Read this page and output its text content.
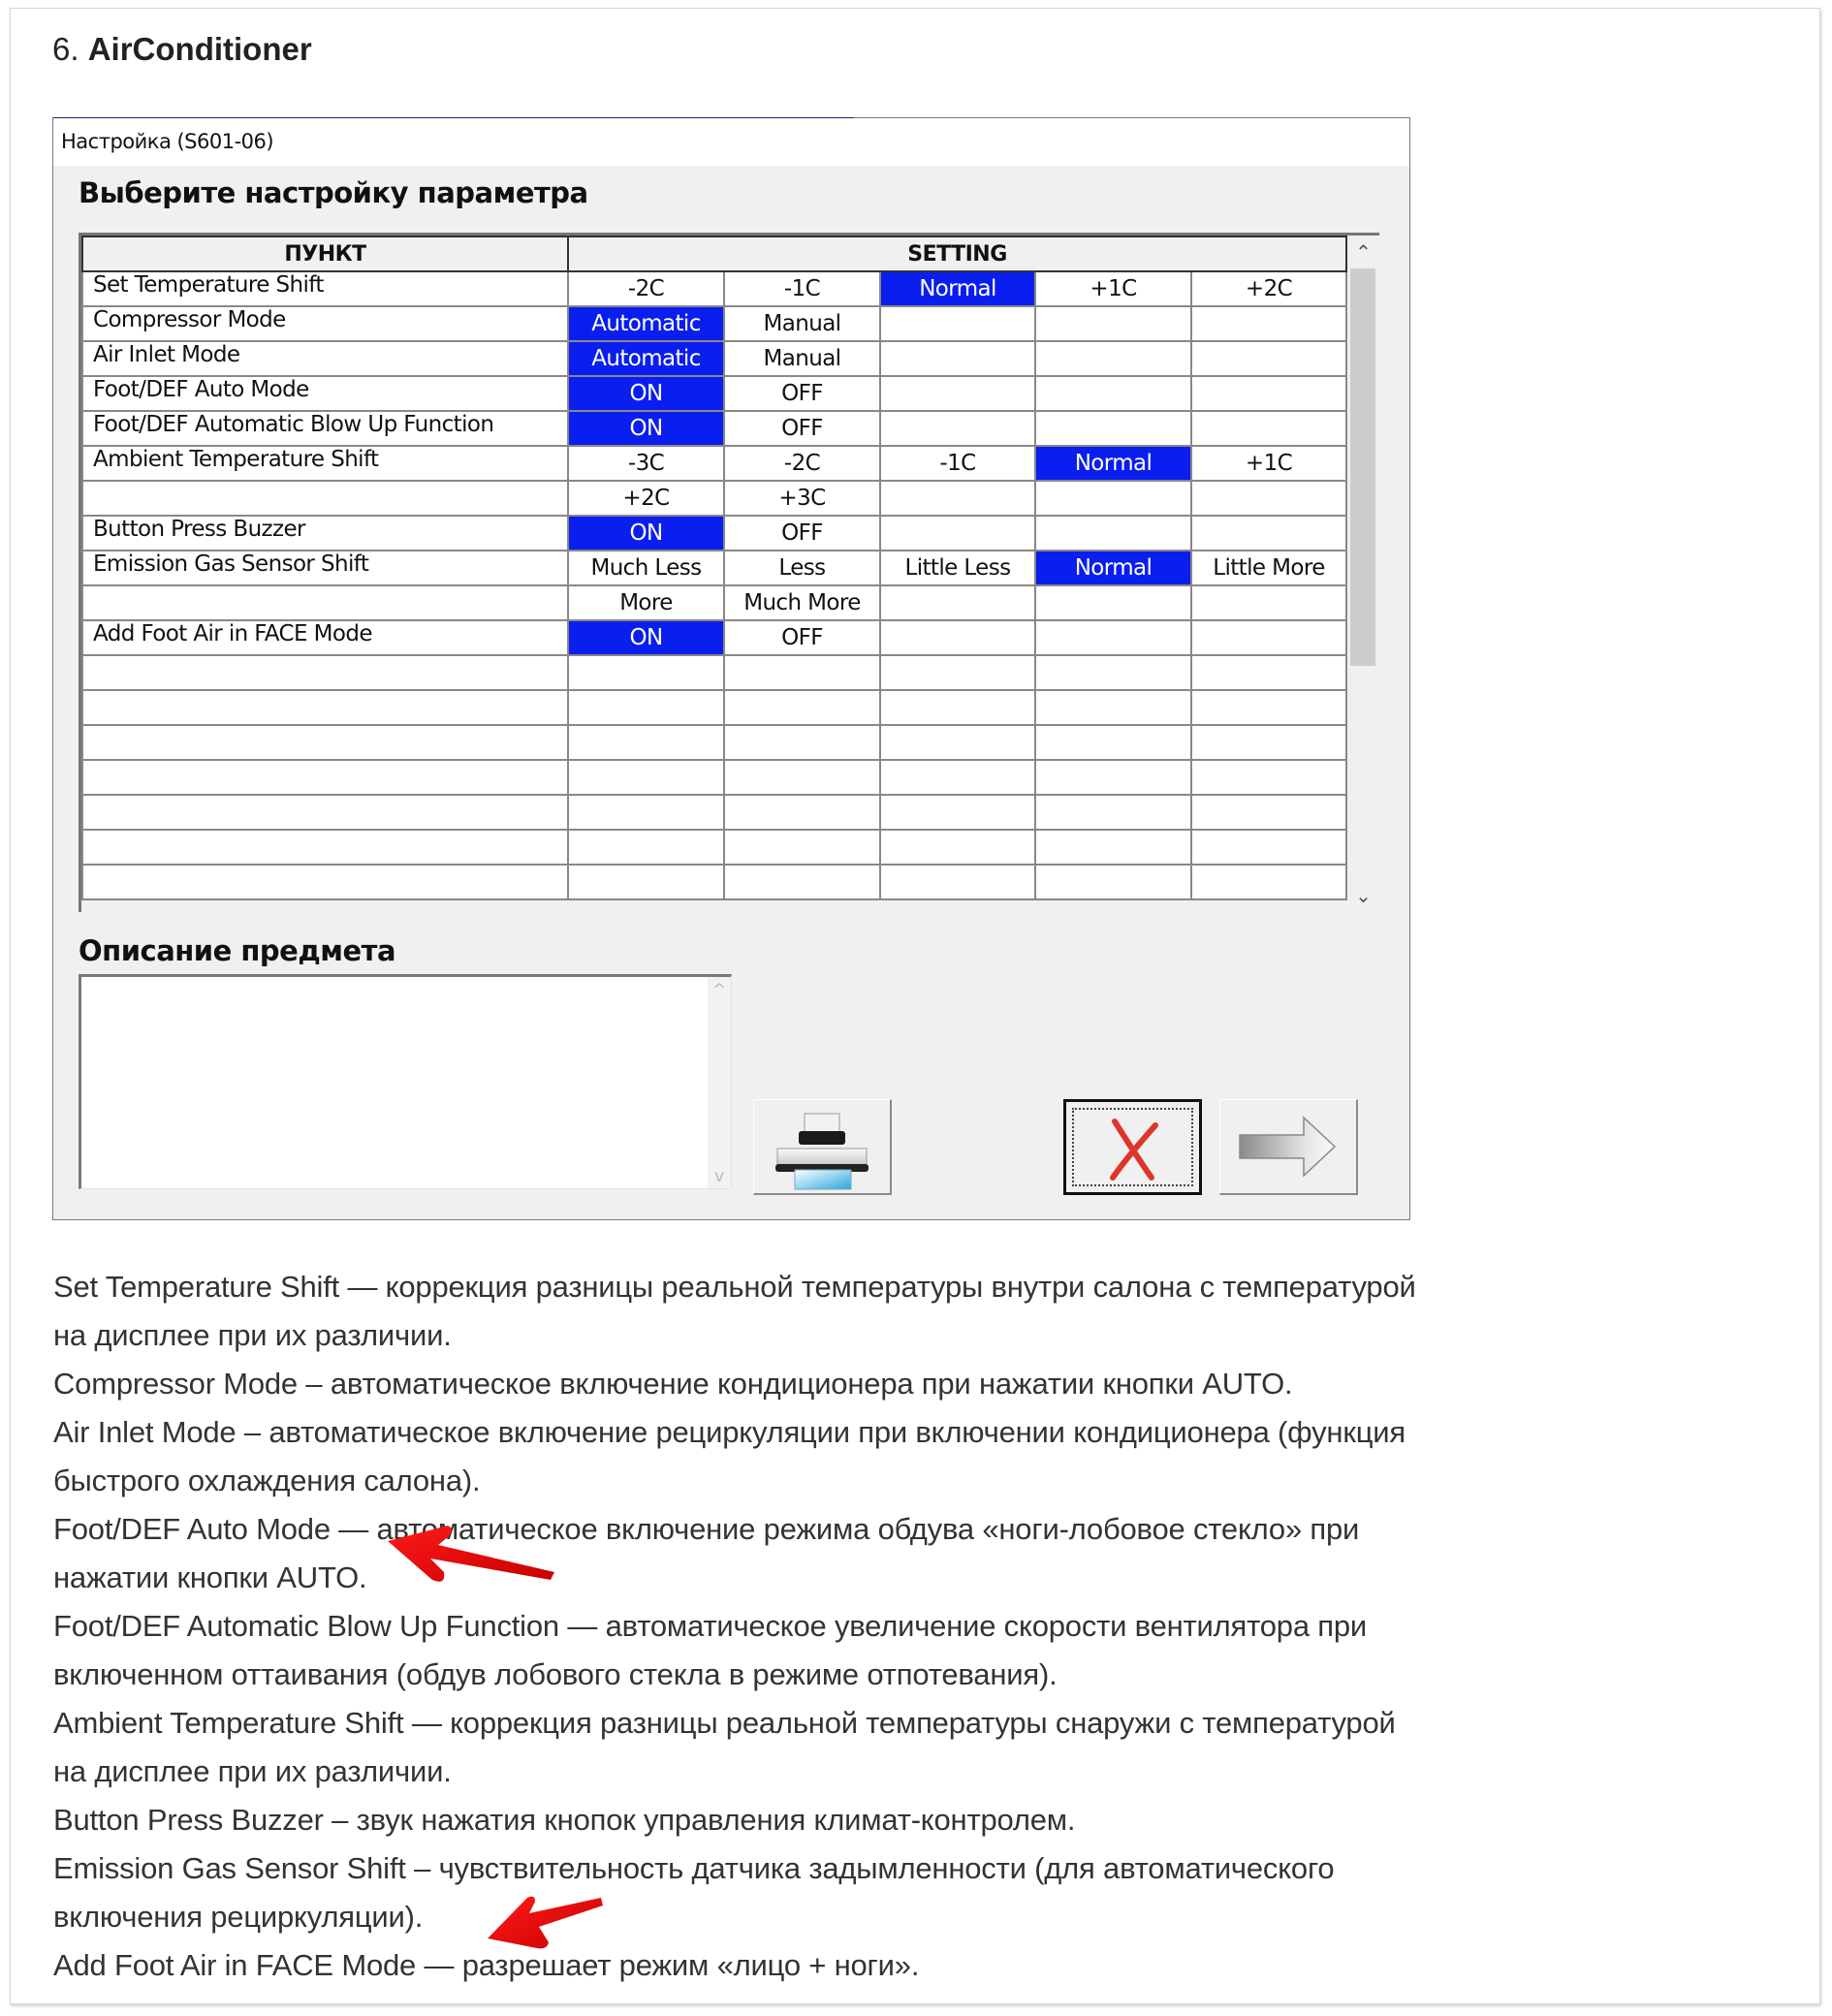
6. AirConditioner
Настройка (S601-06)
Выберите настройку параметра
ПУНКТ	SETTING				
Set Temperature Shift	-2C	-1C	Normal	+1C	+2C
Compressor Mode	Automatic	Manual			
Air Inlet Mode	Automatic	Manual			
Foot/DEF Auto Mode	ON	OFF			
Foot/DEF Automatic Blow Up Function	ON	OFF			
Ambient Temperature Shift	-3C	-2C	-1C	Normal	+1C
	+2C	+3C			
Button Press Buzzer	ON	OFF			
Emission Gas Sensor Shift	Much Less	Less	Little Less	Normal	Little More
	More	Much More			
Add Foot Air in FACE Mode	ON	OFF			

⌃
⌄
Описание предмета
^
v

Set Temperature Shift — коррекция разницы реальной температуры внутри салона с температурой

на дисплее при их различии.

Compressor Mode – автоматическое включение кондиционера при нажатии кнопки AUTO.

Air Inlet Mode – автоматическое включение рециркуляции при включении кондиционера (функция

быстрого охлаждения салона).

Foot/DEF Auto Mode — автоматическое включение режима обдува «ноги-лобовое стекло» при

нажатии кнопки AUTO.

Foot/DEF Automatic Blow Up Function — автоматическое увеличение скорости вентилятора при

включенном оттаивания (обдув лобового стекла в режиме отпотевания).

Ambient Temperature Shift — коррекция разницы реальной температуры снаружи с температурой

на дисплее при их различии.

Button Press Buzzer – звук нажатия кнопок управления климат-контролем.

Emission Gas Sensor Shift – чувствительность датчика задымленности (для автоматического

включения рециркуляции).

Add Foot Air in FACE Mode — разрешает режим «лицо + ноги».
